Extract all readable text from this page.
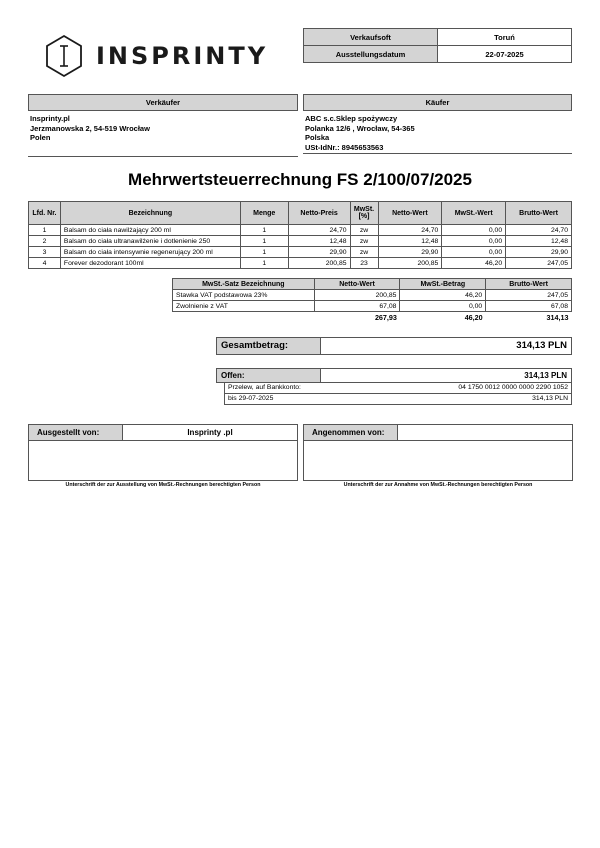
INSPRINTY
Verkaufsoft	Toruń
Ausstellungsdatum	22-07-2025
Verkäufer
Insprinty.pl
Jerzmanowska 2, 54-519 Wrocław
Polen
Käufer
ABC s.c.Sklep spożywczy
Polanka 12/6 , Wrocław, 54-365
Polska
USt-IdNr.: 8945653563
Mehrwertsteuerrechnung FS 2/100/07/2025
Lfd. Nr.	Bezeichnung	Menge	Netto-Preis	MwSt. [%]	Netto-Wert	MwSt.-Wert	Brutto-Wert
1	Balsam do ciała nawilżający 200 ml	1	24,70	zw	24,70	0,00	24,70
2	Balsam do ciała ultranawilżenie i dotlenienie 250	1	12,48	zw	12,48	0,00	12,48
3	Balsam do ciała intensywnie regenerujący 200 ml	1	29,90	zw	29,90	0,00	29,90
4	Forever dezodorant 100ml	1	200,85	23	200,85	46,20	247,05
MwSt.-Satz Bezeichnung	Netto-Wert	MwSt.-Betrag	Brutto-Wert
Stawka VAT podstawowa 23%	200,85	46,20	247,05
Zwolnienie z VAT	67,08	0,00	67,08
	267,93	46,20	314,13
Gesamtbetrag:	314,13 PLN
Offen:	314,13 PLN
Przelew, auf Bankkonto:	04 1750 0012 0000 0000 2290 1052
bis 29-07-2025	314,13 PLN
Ausgestellt von:	Insprinty .pl	Angenommen von:
Unterschrift der zur Ausstellung von MwSt.-Rechnungen berechtigten Person	Unterschrift der zur Annahme von MwSt.-Rechnungen berechtigten Person
